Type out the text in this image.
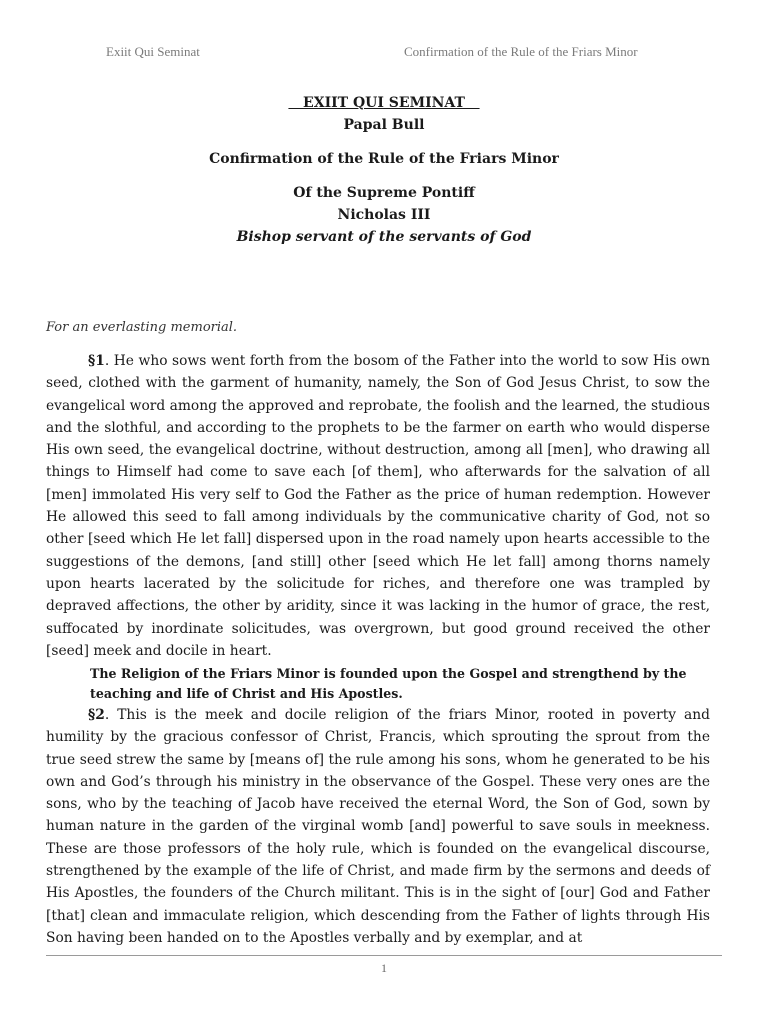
Exiit Qui Seminat	Confirmation of the Rule of the Friars Minor
EXIIT QUI SEMINAT
Papal Bull
Confirmation of the Rule of the Friars Minor
Of the Supreme Pontiff
Nicholas III
Bishop servant of the servants of God
For an everlasting memorial.
§1. He who sows went forth from the bosom of the Father into the world to sow His own seed, clothed with the garment of humanity, namely, the Son of God Jesus Christ, to sow the evangelical word among the approved and reprobate, the foolish and the learned, the studious and the slothful, and according to the prophets to be the farmer on earth who would disperse His own seed, the evangelical doctrine, without destruction, among all [men], who drawing all things to Himself had come to save each [of them], who afterwards for the salvation of all [men] immolated His very self to God the Father as the price of human redemption. However He allowed this seed to fall among individuals by the communicative charity of God, not so other [seed which He let fall] dispersed upon in the road namely upon hearts accessible to the suggestions of the demons, [and still] other [seed which He let fall] among thorns namely upon hearts lacerated by the solicitude for riches, and therefore one was trampled by depraved affections, the other by aridity, since it was lacking in the humor of grace, the rest, suffocated by inordinate solicitudes, was overgrown, but good ground received the other [seed] meek and docile in heart.
The Religion of the Friars Minor is founded upon the Gospel and strengthend by the teaching and life of Christ and His Apostles.
§2. This is the meek and docile religion of the friars Minor, rooted in poverty and humility by the gracious confessor of Christ, Francis, which sprouting the sprout from the true seed strew the same by [means of] the rule among his sons, whom he generated to be his own and God’s through his ministry in the observance of the Gospel. These very ones are the sons, who by the teaching of Jacob have received the eternal Word, the Son of God, sown by human nature in the garden of the virginal womb [and] powerful to save souls in meekness. These are those professors of the holy rule, which is founded on the evangelical discourse, strengthened by the example of the life of Christ, and made firm by the sermons and deeds of His Apostles, the founders of the Church militant. This is in the sight of [our] God and Father [that] clean and immaculate religion, which descending from the Father of lights through His Son having been handed on to the Apostles verbally and by exemplar, and at
1
